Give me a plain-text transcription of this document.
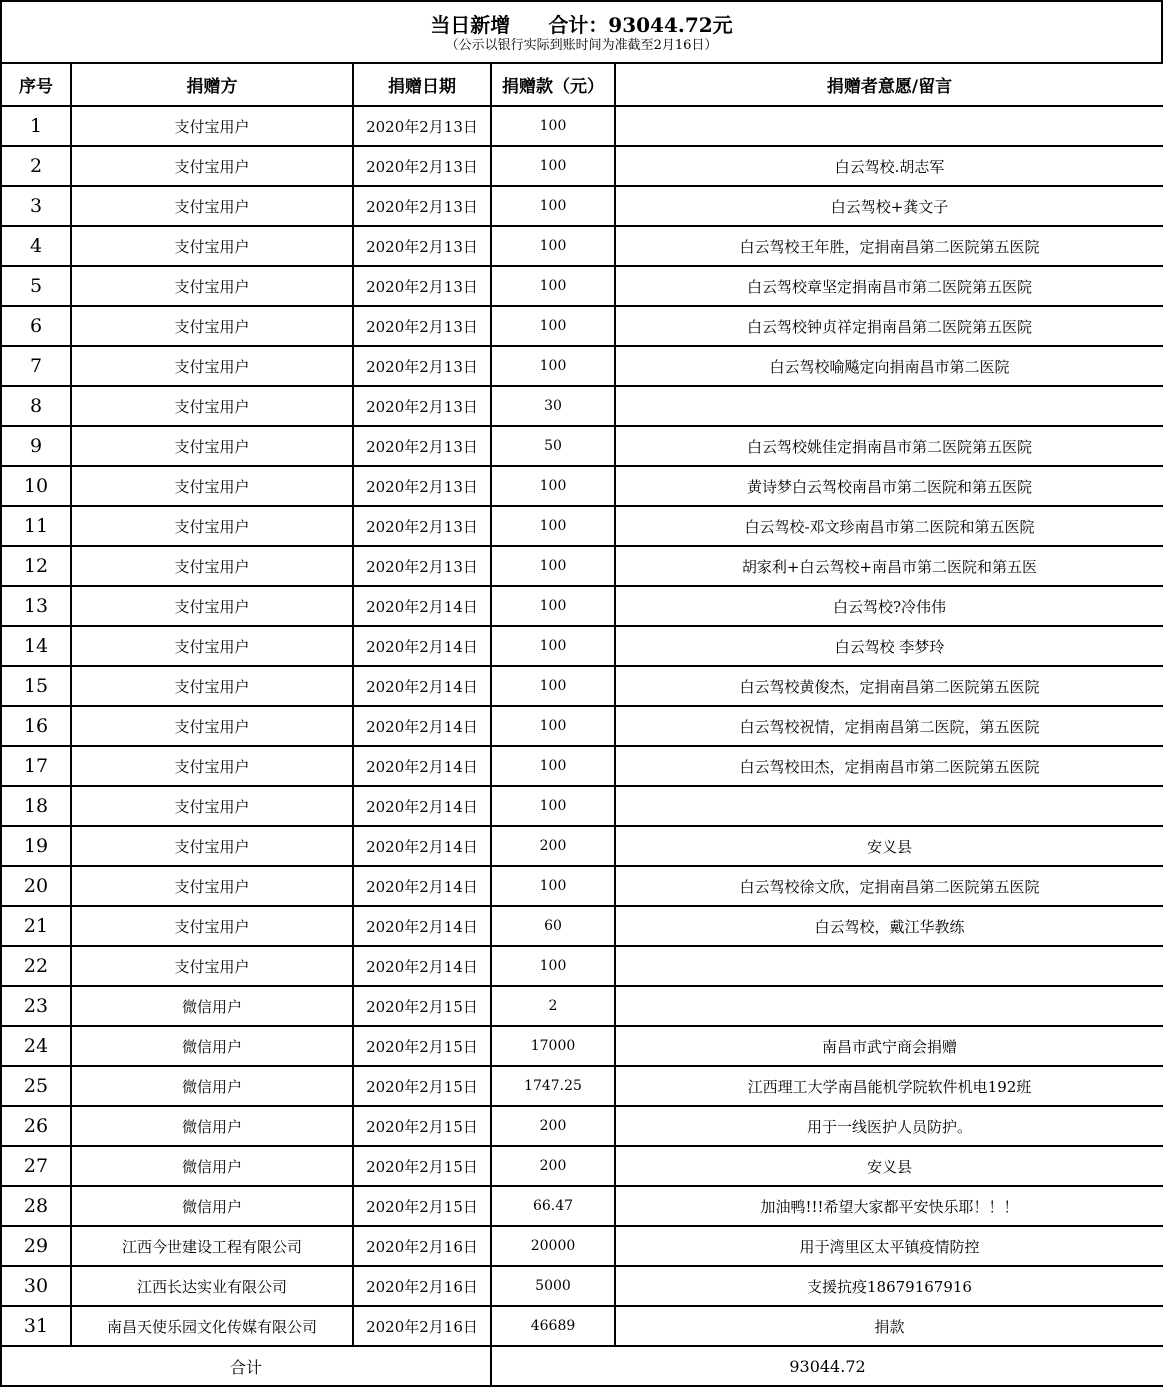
当日新增 合计：93044.72元
（公示以银行实际到账时间为准截至2月16日）
序号	捐赠方	捐赠日期	捐赠款（元）	捐赠者意愿/留言
1	支付宝用户	2020年2月13日	100	
2	支付宝用户	2020年2月13日	100	白云驾校.胡志军
3	支付宝用户	2020年2月13日	100	白云驾校+龚文子
4	支付宝用户	2020年2月13日	100	白云驾校王年胜，定捐南昌第二医院第五医院
5	支付宝用户	2020年2月13日	100	白云驾校章坚定捐南昌市第二医院第五医院
6	支付宝用户	2020年2月13日	100	白云驾校钟贞祥定捐南昌第二医院第五医院
7	支付宝用户	2020年2月13日	100	白云驾校喻飚定向捐南昌市第二医院
8	支付宝用户	2020年2月13日	30	
9	支付宝用户	2020年2月13日	50	白云驾校姚佳定捐南昌市第二医院第五医院
10	支付宝用户	2020年2月13日	100	黄诗梦白云驾校南昌市第二医院和第五医院
11	支付宝用户	2020年2月13日	100	白云驾校-邓文珍南昌市第二医院和第五医院
12	支付宝用户	2020年2月13日	100	胡家利+白云驾校+南昌市第二医院和第五医
13	支付宝用户	2020年2月14日	100	白云驾校?冷伟伟
14	支付宝用户	2020年2月14日	100	白云驾校 李梦玲
15	支付宝用户	2020年2月14日	100	白云驾校黄俊杰，定捐南昌第二医院第五医院
16	支付宝用户	2020年2月14日	100	白云驾校祝情，定捐南昌第二医院，第五医院
17	支付宝用户	2020年2月14日	100	白云驾校田杰，定捐南昌市第二医院第五医院
18	支付宝用户	2020年2月14日	100	
19	支付宝用户	2020年2月14日	200	安义县
20	支付宝用户	2020年2月14日	100	白云驾校徐文欣，定捐南昌第二医院第五医院
21	支付宝用户	2020年2月14日	60	白云驾校，戴江华教练
22	支付宝用户	2020年2月14日	100	
23	微信用户	2020年2月15日	2	
24	微信用户	2020年2月15日	17000	南昌市武宁商会捐赠
25	微信用户	2020年2月15日	1747.25	江西理工大学南昌能机学院软件机电192班
26	微信用户	2020年2月15日	200	用于一线医护人员防护。
27	微信用户	2020年2月15日	200	安义县
28	微信用户	2020年2月15日	66.47	加油鸭!!!希望大家都平安快乐耶！！！
29	江西今世建设工程有限公司	2020年2月16日	20000	用于湾里区太平镇疫情防控
30	江西长达实业有限公司	2020年2月16日	5000	支援抗疫18679167916
31	南昌天使乐园文化传媒有限公司	2020年2月16日	46689	捐款
合计			93044.72	
